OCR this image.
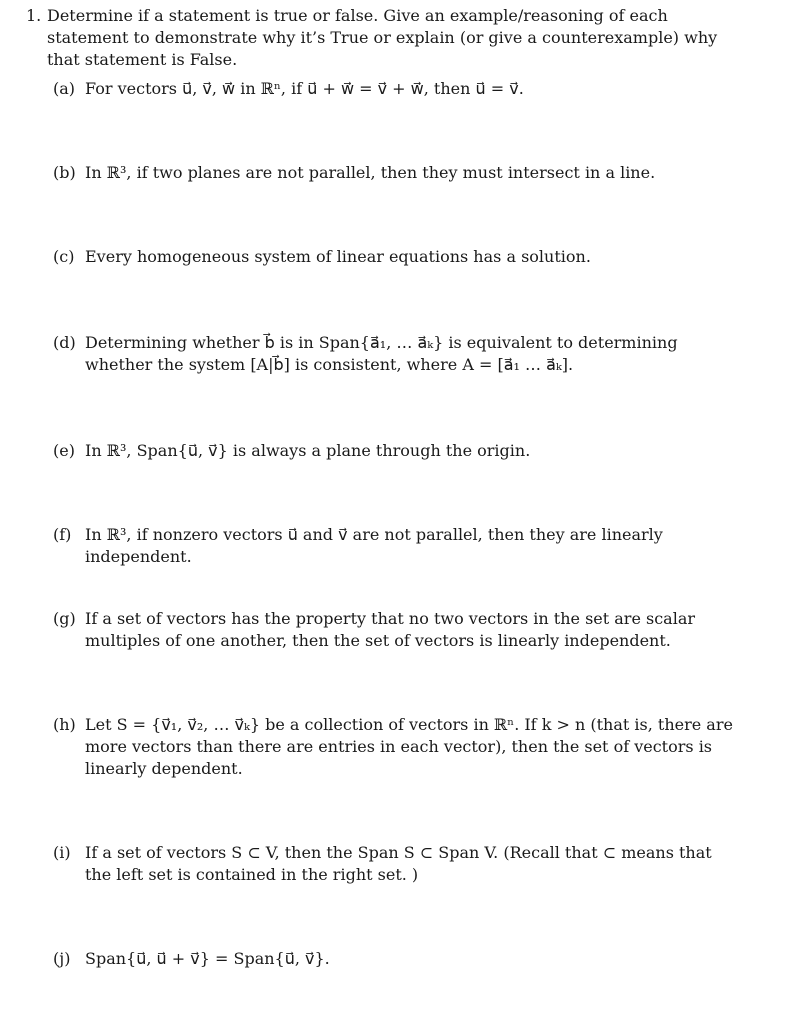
1. Determine if a statement is true or false. Give an example/reasoning of each statement to demonstrate why it’s True or explain (or give a counterexample) why that statement is False.
(a) For vectors u⃗, v⃗, w⃗ in ℝⁿ, if u⃗ + w⃗ = v⃗ + w⃗, then u⃗ = v⃗.
(b) In ℝ³, if two planes are not parallel, then they must intersect in a line.
(c) Every homogeneous system of linear equations has a solution.
(d) Determining whether b⃗ is in Span{a⃗₁, … a⃗ₖ} is equivalent to determining whether the system [A|b⃗] is consistent, where A = [a⃗₁ … a⃗ₖ].
(e) In ℝ³, Span{u⃗, v⃗} is always a plane through the origin.
(f) In ℝ³, if nonzero vectors u⃗ and v⃗ are not parallel, then they are linearly independent.
(g) If a set of vectors has the property that no two vectors in the set are scalar multiples of one another, then the set of vectors is linearly independent.
(h) Let S = {v⃗₁, v⃗₂, … v⃗ₖ} be a collection of vectors in ℝⁿ. If k > n (that is, there are more vectors than there are entries in each vector), then the set of vectors is linearly dependent.
(i) If a set of vectors S ⊂ V, then the Span S ⊂ Span V. (Recall that ⊂ means that the left set is contained in the right set. )
(j) Span{u⃗, u⃗ + v⃗} = Span{u⃗, v⃗}.
